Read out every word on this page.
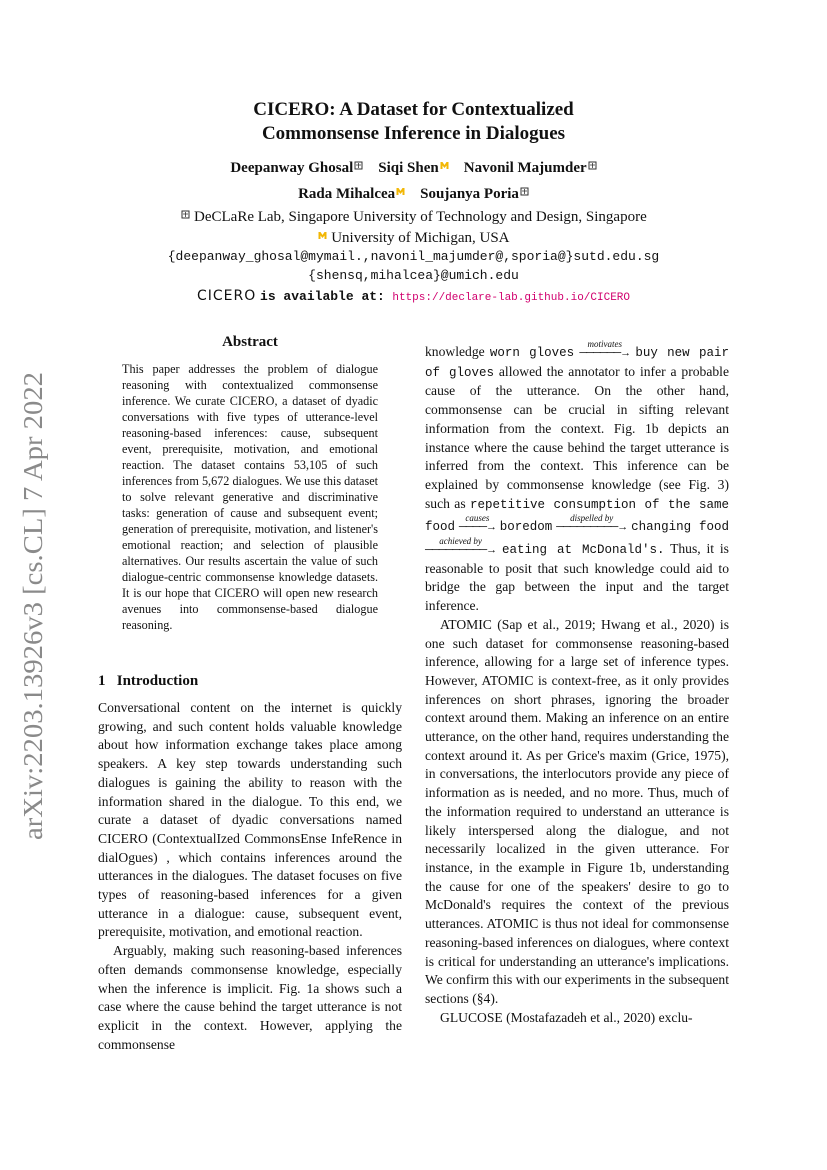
arXiv:2203.13926v3 [cs.CL] 7 Apr 2022
CICERO: A Dataset for Contextualized
Commonsense Inference in Dialogues
Deepanway Ghosal Siqi Shen Navonil Majumder
Rada Mihalcea Soujanya Poria
DeCLaRe Lab, Singapore University of Technology and Design, Singapore
University of Michigan, USA
{deepanway_ghosal@mymail.,navonil_majumder@,sporia@}sutd.edu.sg
{shensq,mihalcea}@umich.edu
CICERO is available at: https://declare-lab.github.io/CICERO
Abstract
This paper addresses the problem of dialogue reasoning with contextualized commonsense inference. We curate CICERO, a dataset of dyadic conversations with five types of utterance-level reasoning-based inferences: cause, subsequent event, prerequisite, motivation, and emotional reaction. The dataset contains 53,105 of such inferences from 5,672 dialogues. We use this dataset to solve relevant generative and discriminative tasks: generation of cause and subsequent event; generation of prerequisite, motivation, and listener's emotional reaction; and selection of plausible alternatives. Our results ascertain the value of such dialogue-centric commonsense knowledge datasets. It is our hope that CICERO will open new research avenues into commonsense-based dialogue reasoning.
1   Introduction

Conversational content on the internet is quickly growing, and such content holds valuable knowledge about how information exchange takes place among speakers. A key step towards understanding such dialogues is gaining the ability to reason with the information shared in the dialogue. To this end, we curate a dataset of dyadic conversations named CICERO (ContextualIzed CommonsEnse InfeRence in dialOgues) , which contains inferences around the utterances in the dialogues. The dataset focuses on five types of reasoning-based inferences for a given utterance in a dialogue: cause, subsequent event, prerequisite, motivation, and emotional reaction.

Arguably, making such reasoning-based inferences often demands commonsense knowledge, especially when the inference is implicit. Fig. 1a shows such a case where the cause behind the target utterance is not explicit in the context. However, applying the commonsense

knowledge worn gloves
motivates
──────→ buy new pair of gloves allowed the annotator to infer a probable cause of the utterance. On the other hand, commonsense can be crucial in sifting relevant information from the context. Fig. 1b depicts an instance where the cause behind the target utterance is inferred from the context. This inference can be explained by commonsense knowledge (see Fig. 3) such as repetitive consumption of the same food
causes
────→ boredom
dispelled by
─────────→ changing food
achieved by
─────────→ eating at McDonald's. Thus, it is reasonable to posit that such knowledge could aid to bridge the gap between the input and the target inference.

ATOMIC (Sap et al., 2019; Hwang et al., 2020) is one such dataset for commonsense reasoning-based inference, allowing for a large set of inference types. However, ATOMIC is context-free, as it only provides inferences on short phrases, ignoring the broader context around them. Making an inference on an entire utterance, on the other hand, requires understanding the context around it. As per Grice's maxim (Grice, 1975), in conversations, the interlocutors provide any piece of information as is needed, and no more. Thus, much of the information required to understand an utterance is likely interspersed along the dialogue, and not necessarily localized in the given utterance. For instance, in the example in Figure 1b, understanding the cause for one of the speakers' desire to go to McDonald's requires the context of the previous utterances. ATOMIC is thus not ideal for commonsense reasoning-based inferences on dialogues, where context is critical for understanding an utterance's implications. We confirm this with our experiments in the subsequent sections (§4).

GLUCOSE (Mostafazadeh et al., 2020) exclu-
